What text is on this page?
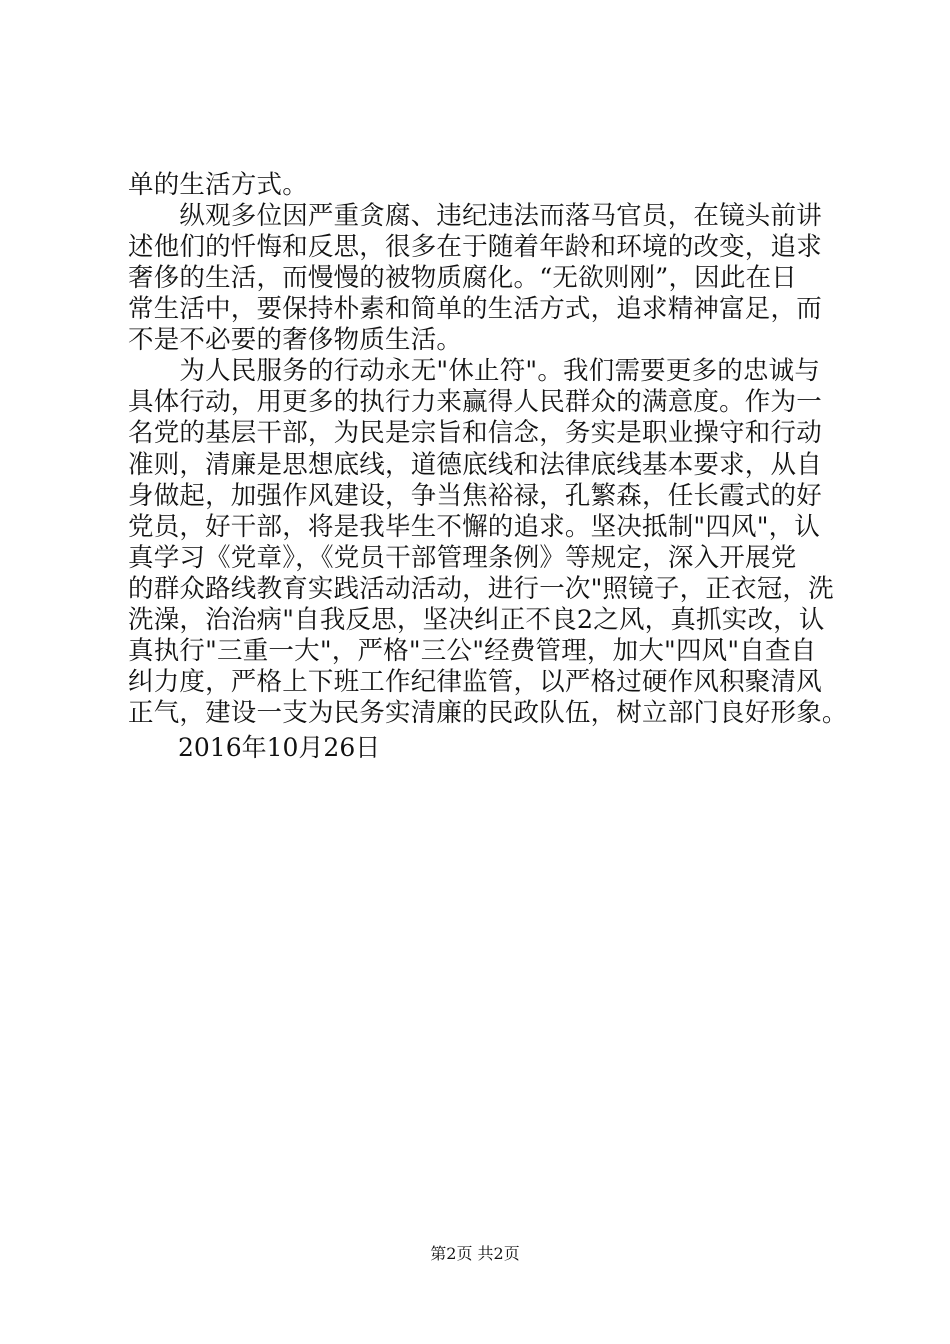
单的生活方式。
　　纵观多位因严重贪腐、违纪违法而落马官员，在镜头前讲
述他们的忏悔和反思，很多在于随着年龄和环境的改变，追求
奢侈的生活，而慢慢的被物质腐化。“无欲则刚”，因此在日
常生活中，要保持朴素和简单的生活方式，追求精神富足，而
不是不必要的奢侈物质生活。
　　为人民服务的行动永无"休止符"。我们需要更多的忠诚与
具体行动，用更多的执行力来赢得人民群众的满意度。作为一
名党的基层干部，为民是宗旨和信念，务实是职业操守和行动
准则，清廉是思想底线，道德底线和法律底线基本要求，从自
身做起，加强作风建设，争当焦裕禄，孔繁森，任长霞式的好
党员，好干部，将是我毕生不懈的追求。坚决抵制"四风"，认
真学习《党章》，《党员干部管理条例》等规定，深入开展党
的群众路线教育实践活动活动，进行一次"照镜子，正衣冠，洗
洗澡，治治病"自我反思，坚决纠正不良2之风，真抓实改，认
真执行"三重一大"，严格"三公"经费管理，加大"四风"自查自
纠力度，严格上下班工作纪律监管，以严格过硬作风积聚清风
2016年10月26日
第2页 共2页
正气，建设一支为民务实清廉的民政队伍，树立部门良好形象。
